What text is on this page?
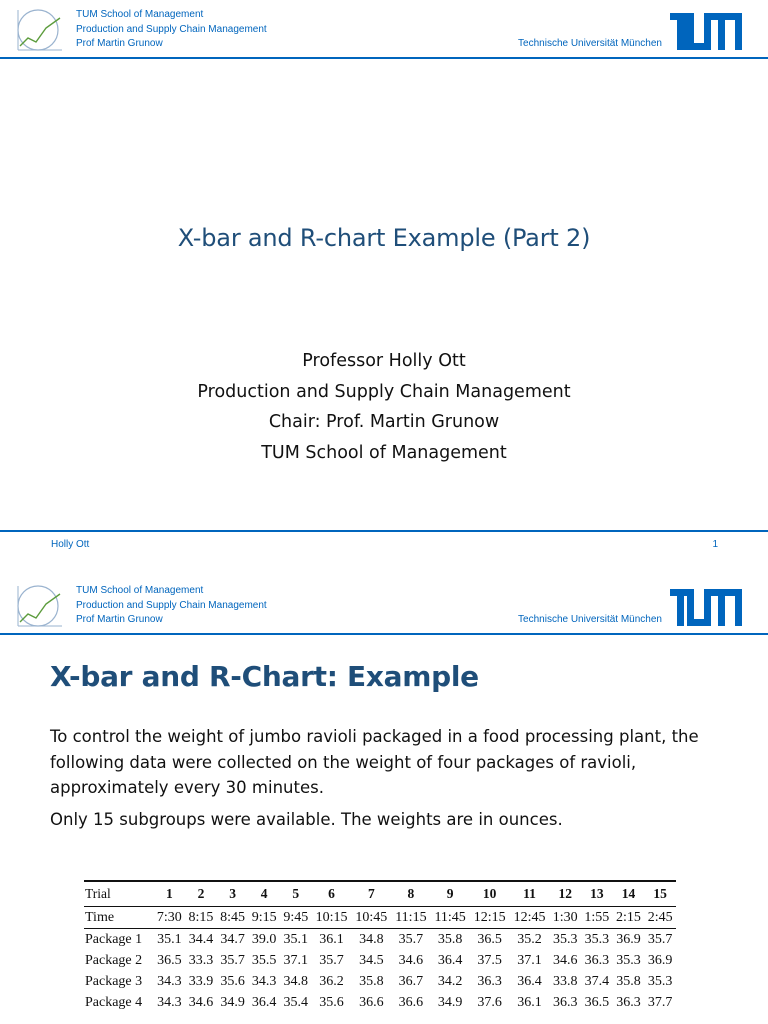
TUM School of Management
Production and Supply Chain Management
Prof Martin Grunow	Technische Universität München
X-bar and R-chart Example (Part 2)
Professor Holly Ott
Production and Supply Chain Management
Chair: Prof. Martin Grunow
TUM School of Management
Holly Ott	1
TUM School of Management
Production and Supply Chain Management
Prof Martin Grunow	Technische Universität München
X-bar and R-Chart: Example

To control the weight of jumbo ravioli packaged in a food processing plant, the following data were collected on the weight of four packages of ravioli, approximately every 30 minutes.

Only 15 subgroups were available. The weights are in ounces.

Trial	1	2	3	4	5	6	7	8	9	10	11	12	13	14	15
Time	7:30	8:15	8:45	9:15	9:45	10:15	10:45	11:15	11:45	12:15	12:45	1:30	1:55	2:15	2:45
Package 1	35.1	34.4	34.7	39.0	35.1	36.1	34.8	35.7	35.8	36.5	35.2	35.3	35.3	36.9	35.7
Package 2	36.5	33.3	35.7	35.5	37.1	35.7	34.5	34.6	36.4	37.5	37.1	34.6	36.3	35.3	36.9
Package 3	34.3	33.9	35.6	34.3	34.8	36.2	35.8	36.7	34.2	36.3	36.4	33.8	37.4	35.8	35.3
Package 4	34.3	34.6	34.9	36.4	35.4	35.6	36.6	36.6	34.9	37.6	36.1	36.3	36.5	36.3	37.7
